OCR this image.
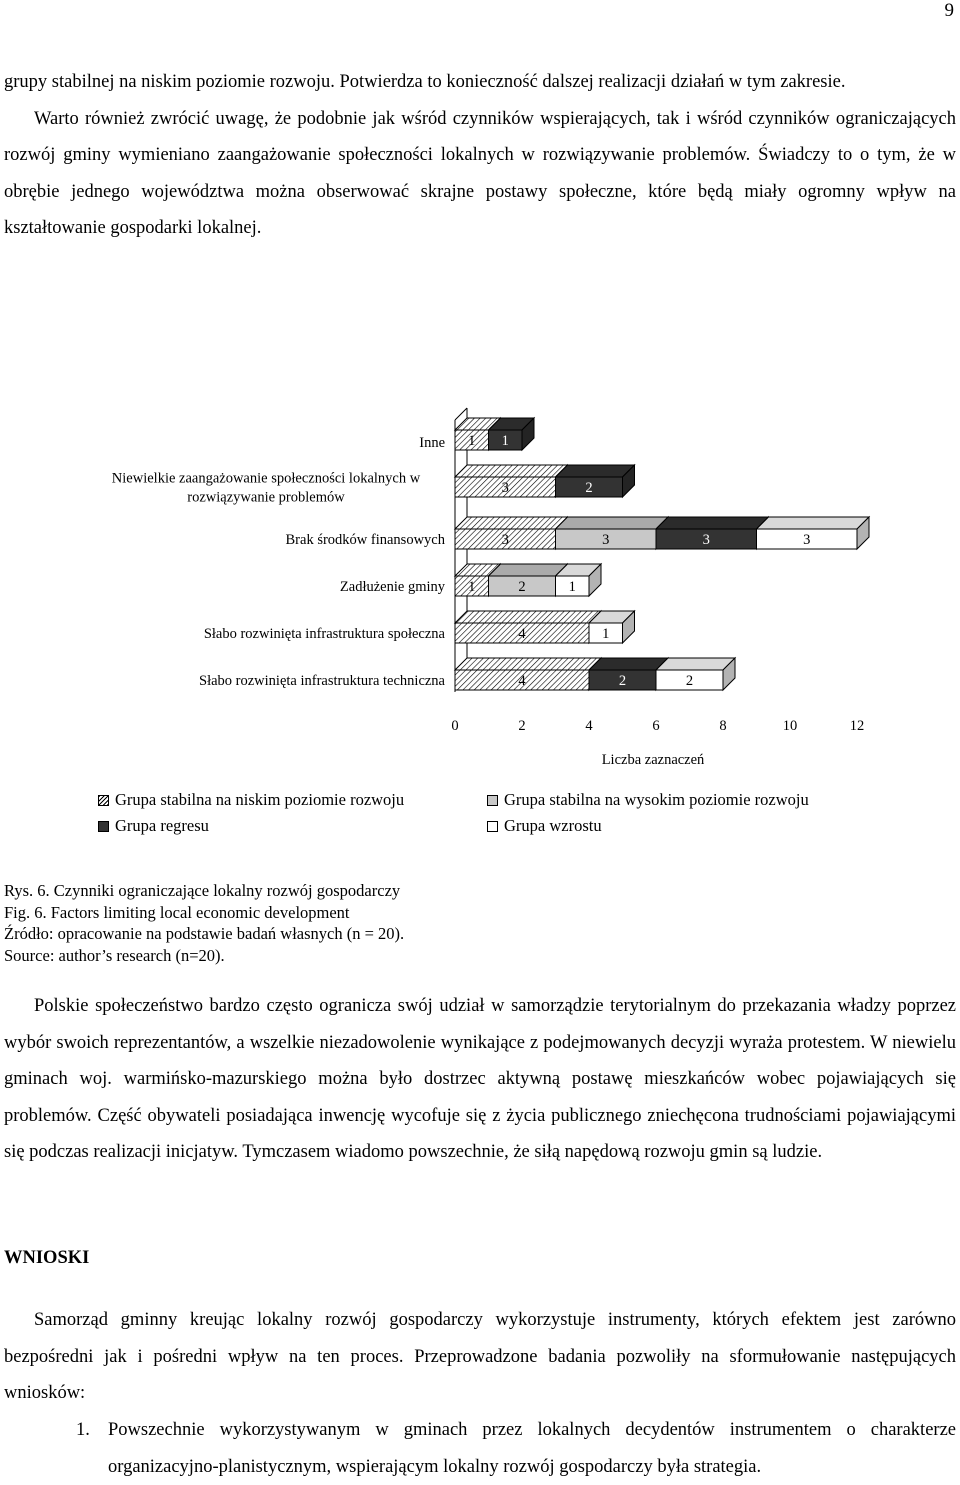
9

grupy stabilnej na niskim poziomie rozwoju. Potwierdza to konieczność dalszej realizacji działań w tym zakresie.
Warto również zwrócić uwagę, że podobnie jak wśród czynników wspierających, tak i wśród czynników ograniczających rozwój gminy wymieniano zaangażowanie społeczności lokalnych w rozwiązywanie problemów. Świadczy to o tym, że w obrębie jednego województwa można obserwować skrajne postawy społeczne, które będą miały ogromny wpływ na kształtowanie gospodarki lokalnej.

0	2	4	6	8	10	12
Inne 1 1
Niewielkie zaangażowanie społeczności lokalnych w
rozwiązywanie problemów
3	2
Brak środków finansowych	3	3	3	3
Zadłużenie gminy 1	2	1
Słabo rozwinięta infrastruktura społeczna	4	1
Słabo rozwinięta infrastruktura techniczna	4	2	2
Liczba zaznaczeń
Grupa stabilna na niskim poziomie rozwoju	Grupa stabilna na wysokim poziomie rozwoju
Grupa regresu	Grupa wzrostu
Rys. 6. Czynniki ograniczające lokalny rozwój gospodarczy
Fig. 6. Factors limiting local economic development
Źródło: opracowanie na podstawie badań własnych (n = 20).
Source: author’s research (n=20).

Polskie społeczeństwo bardzo często ogranicza swój udział w samorządzie terytorialnym do przekazania władzy poprzez wybór swoich reprezentantów, a wszelkie niezadowolenie wynikające z podejmowanych decyzji wyraża protestem. W niewielu gminach woj. warmińsko-mazurskiego można było dostrzec aktywną postawę mieszkańców wobec pojawiających się problemów. Część obywateli posiadająca inwencję wycofuje się z życia publicznego zniechęcona trudnościami pojawiającymi się podczas realizacji inicjatyw. Tymczasem wiadomo powszechnie, że siłą napędową rozwoju gmin są ludzie.

WNIOSKI

Samorząd gminny kreując lokalny rozwój gospodarczy wykorzystuje instrumenty, których efektem jest zarówno bezpośredni jak i pośredni wpływ na ten proces. Przeprowadzone badania pozwoliły na sformułowanie następujących wniosków:

1. Powszechnie wykorzystywanym w gminach przez lokalnych decydentów instrumentem o charakterze organizacyjno-planistycznym, wspierającym lokalny rozwój gospodarczy była strategia.
